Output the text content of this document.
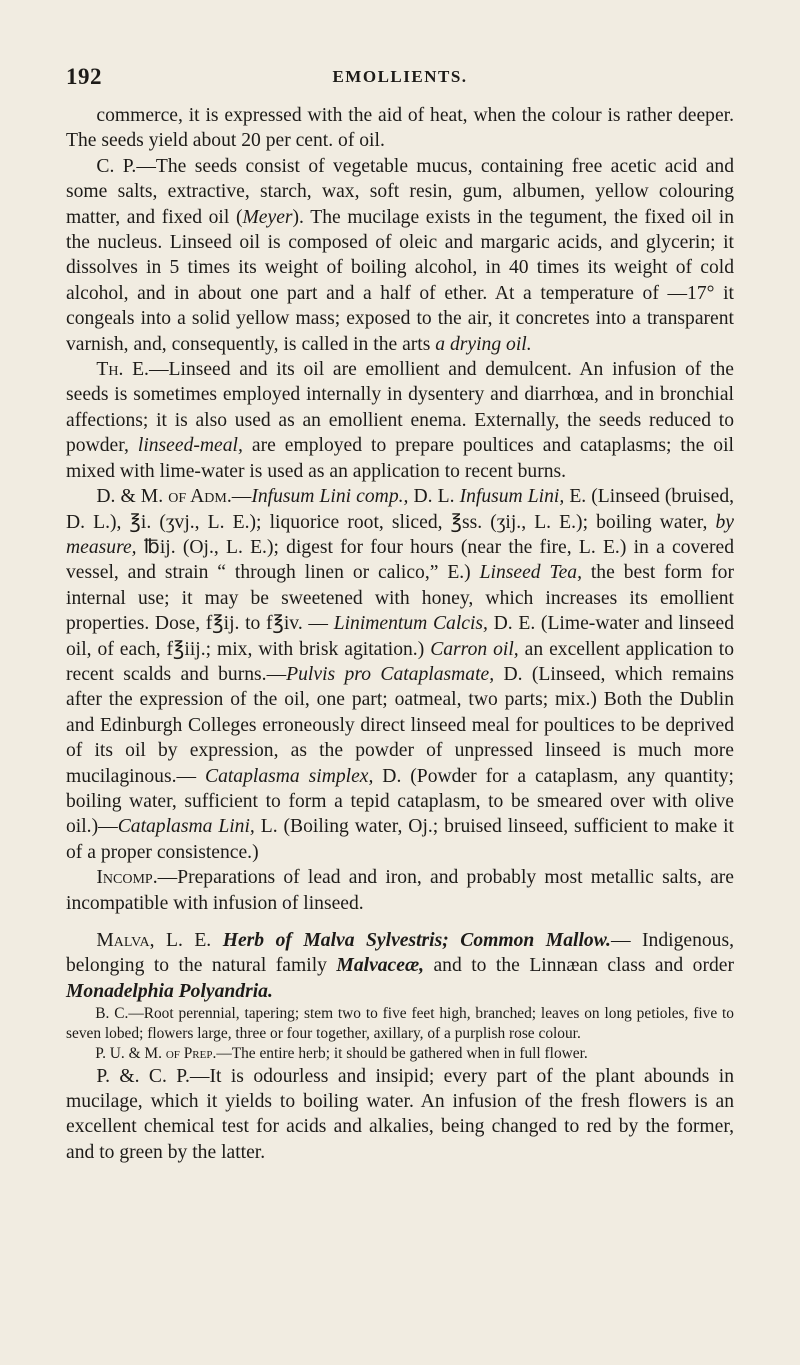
192	EMOLLIENTS.

commerce, it is expressed with the aid of heat, when the colour is rather deeper. The seeds yield about 20 per cent. of oil.

C. P.—The seeds consist of vegetable mucus, containing free acetic acid and some salts, extractive, starch, wax, soft resin, gum, albumen, yellow colouring matter, and fixed oil (Meyer). The mucilage exists in the tegument, the fixed oil in the nucleus. Linseed oil is composed of oleic and margaric acids, and glycerin; it dissolves in 5 times its weight of boiling alcohol, in 40 times its weight of cold alcohol, and in about one part and a half of ether. At a temperature of —17° it congeals into a solid yellow mass; exposed to the air, it concretes into a transparent varnish, and, consequently, is called in the arts a drying oil.

Th. E.—Linseed and its oil are emollient and demulcent. An infusion of the seeds is sometimes employed internally in dysentery and diarrhœa, and in bronchial affections; it is also used as an emollient enema. Externally, the seeds reduced to powder, linseed-meal, are employed to prepare poultices and cataplasms; the oil mixed with lime-water is used as an application to recent burns.

D. & M. of Adm.—Infusum Lini comp., D. L. Infusum Lini, E. (Linseed (bruised, D. L.), ℥i. (ʒvj., L. E.); liquorice root, sliced, ℥ss. (ʒij., L. E.); boiling water, by measure, ℔ij. (Oj., L. E.); digest for four hours (near the fire, L. E.) in a covered vessel, and strain “ through linen or calico,” E.) Linseed Tea, the best form for internal use; it may be sweetened with honey, which increases its emollient properties. Dose, f℥ij. to f℥iv. — Linimentum Calcis, D. E. (Lime-water and linseed oil, of each, f℥iij.; mix, with brisk agitation.) Carron oil, an excellent application to recent scalds and burns.—Pulvis pro Cataplasmate, D. (Linseed, which remains after the expression of the oil, one part; oatmeal, two parts; mix.) Both the Dublin and Edinburgh Colleges erroneously direct linseed meal for poultices to be deprived of its oil by expression, as the powder of unpressed linseed is much more mucilaginous.— Cataplasma simplex, D. (Powder for a cataplasm, any quantity; boiling water, sufficient to form a tepid cataplasm, to be smeared over with olive oil.)—Cataplasma Lini, L. (Boiling water, Oj.; bruised linseed, sufficient to make it of a proper consistence.)

Incomp.—Preparations of lead and iron, and probably most metallic salts, are incompatible with infusion of linseed.

Malva, L. E. Herb of Malva Sylvestris; Common Mallow.— Indigenous, belonging to the natural family Malvaceæ, and to the Linnæan class and order Monadelphia Polyandria.

B. C.—Root perennial, tapering; stem two to five feet high, branched; leaves on long petioles, five to seven lobed; flowers large, three or four together, axillary, of a purplish rose colour.

P. U. & M. of Prep.—The entire herb; it should be gathered when in full flower.

P. &. C. P.—It is odourless and insipid; every part of the plant abounds in mucilage, which it yields to boiling water. An infusion of the fresh flowers is an excellent chemical test for acids and alkalies, being changed to red by the former, and to green by the latter.
